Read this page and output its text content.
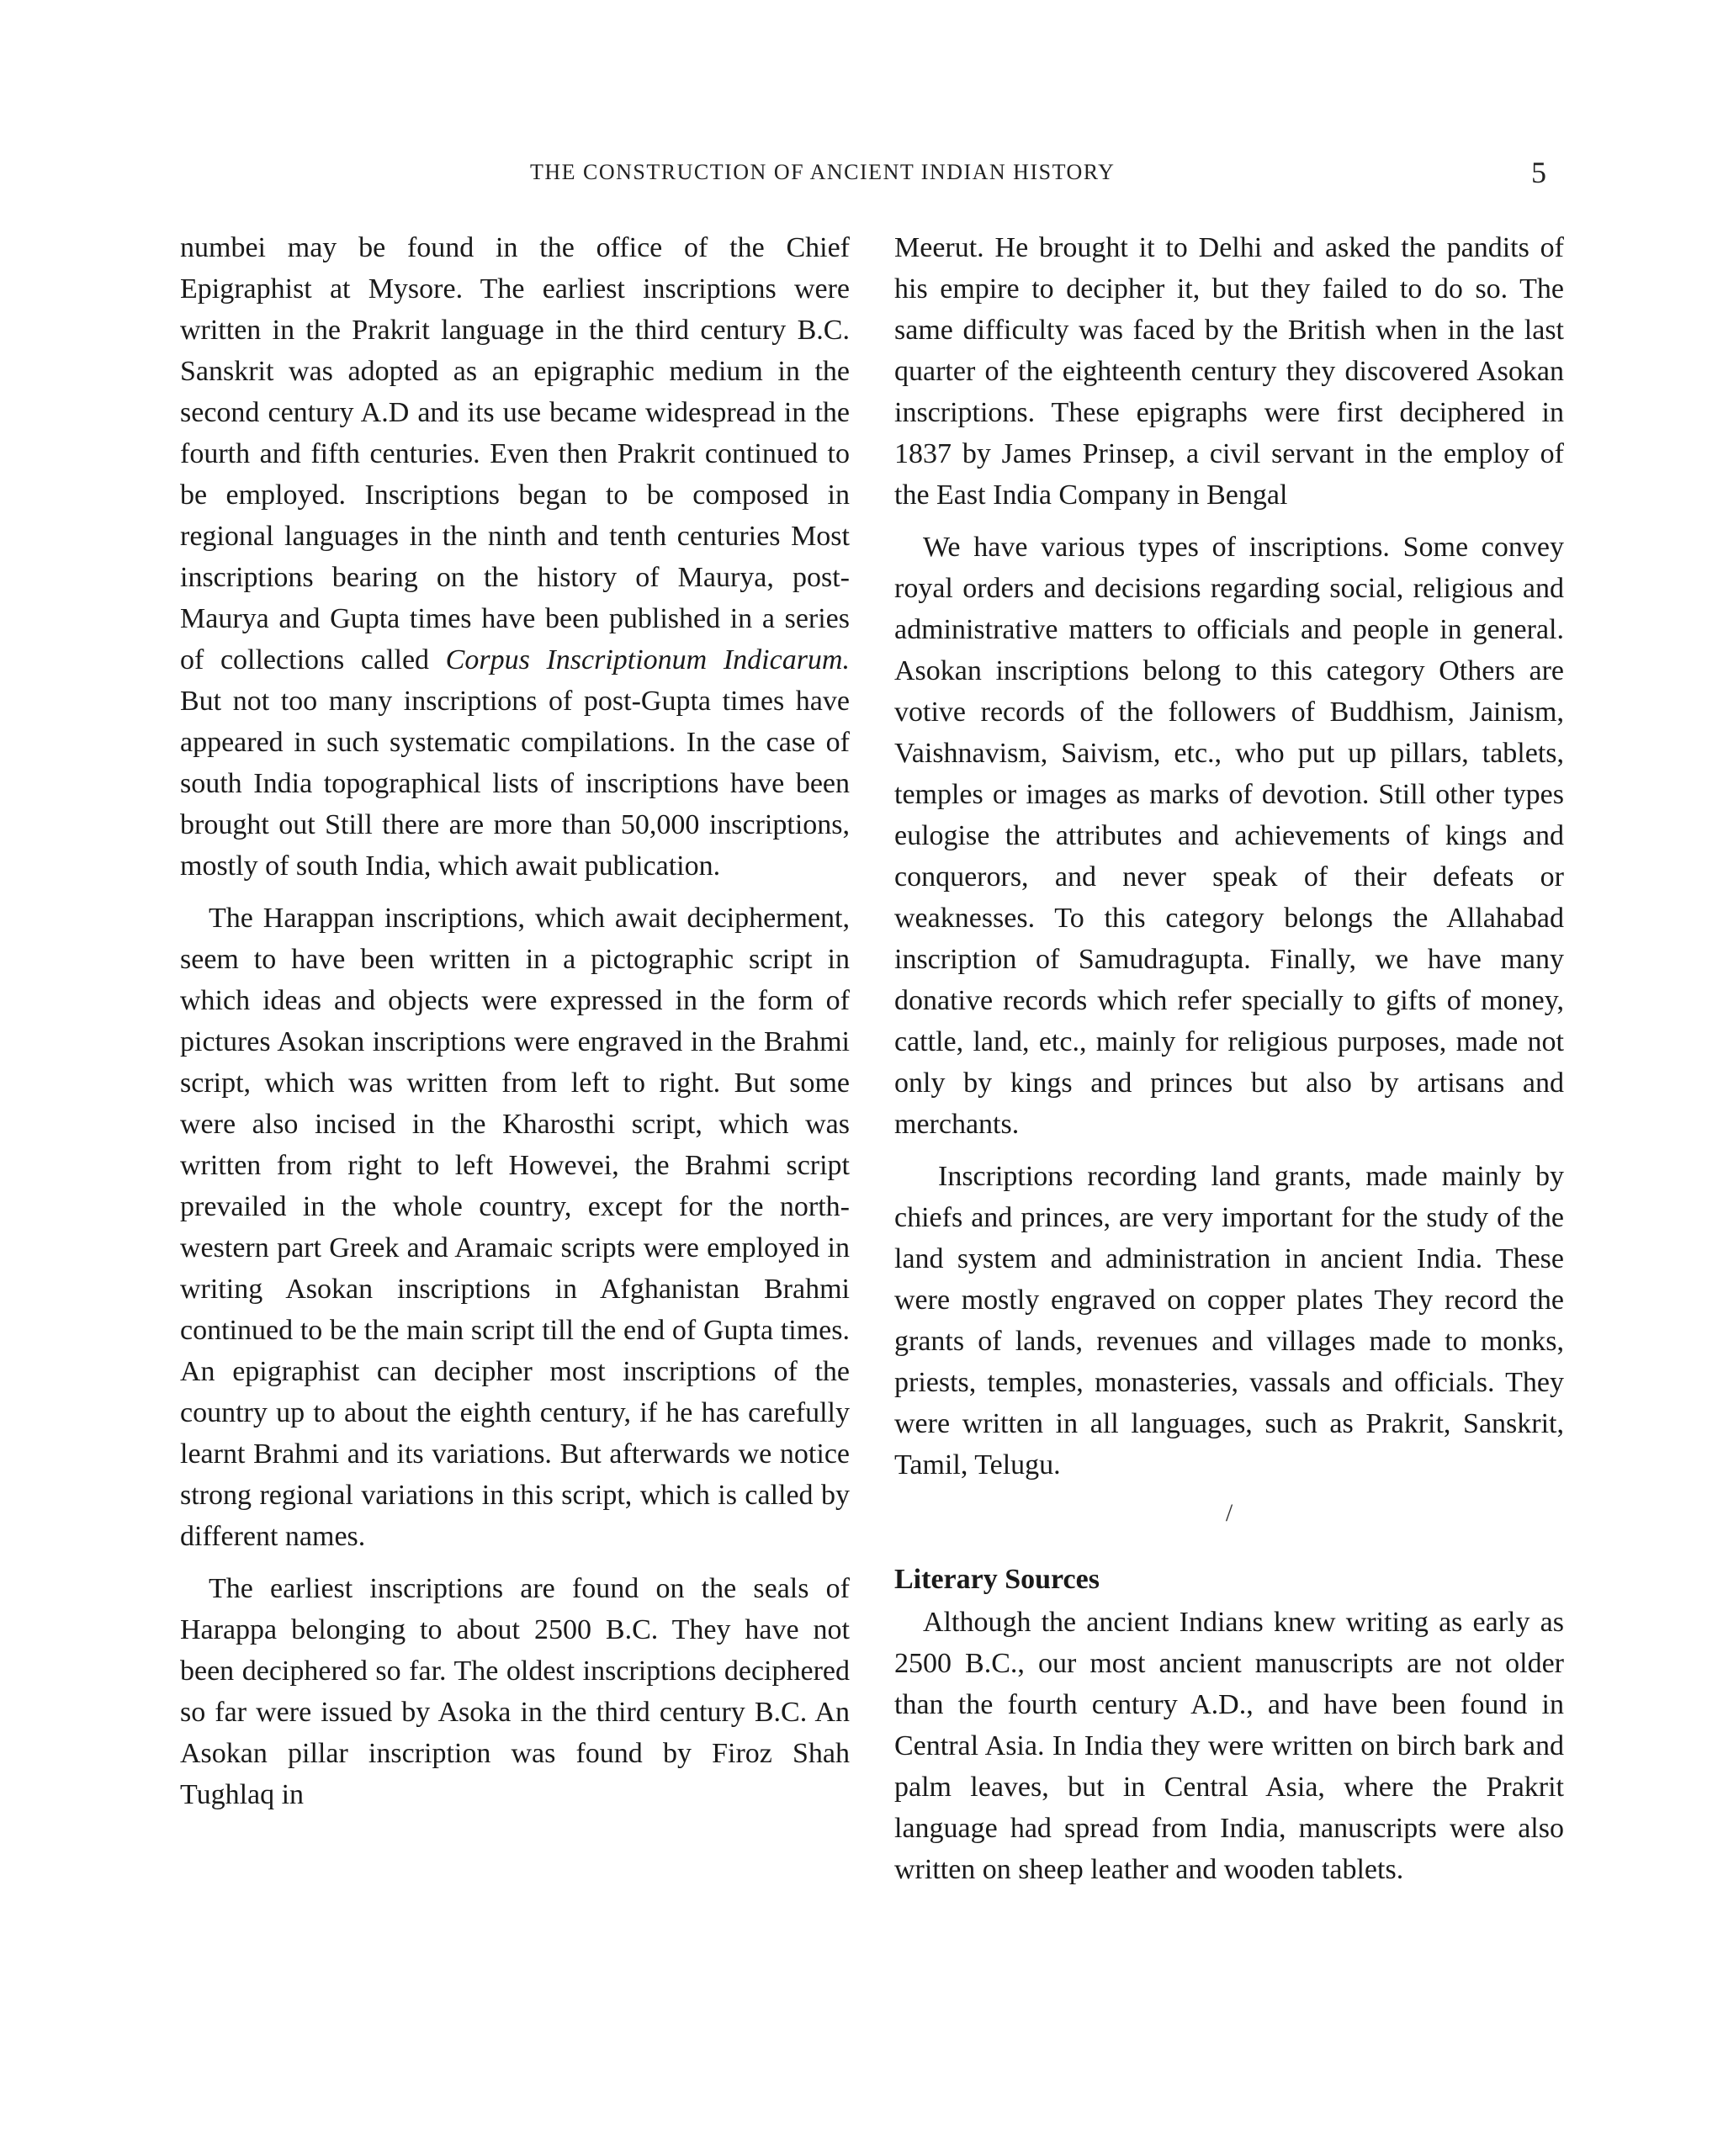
THE CONSTRUCTION OF ANCIENT INDIAN HISTORY	5

numbei may be found in the office of the Chief Epigraphist at Mysore. The earliest inscriptions were written in the Prakrit language in the third century B.C. Sanskrit was adopted as an epigraphic medium in the second century A.D and its use became widespread in the fourth and fifth centuries. Even then Prakrit continued to be employed. Inscriptions began to be composed in regional languages in the ninth and tenth centuries Most inscriptions bearing on the history of Maurya, post-Maurya and Gupta times have been published in a series of collections called Corpus Inscriptionum Indicarum. But not too many inscriptions of post-Gupta times have appeared in such systematic compilations. In the case of south India topographical lists of inscriptions have been brought out Still there are more than 50,000 inscriptions, mostly of south India, which await publication.

The Harappan inscriptions, which await decipherment, seem to have been written in a pictographic script in which ideas and objects were expressed in the form of pictures Asokan inscriptions were engraved in the Brahmi script, which was written from left to right. But some were also incised in the Kharosthi script, which was written from right to left Howevei, the Brahmi script prevailed in the whole country, except for the north-western part Greek and Aramaic scripts were employed in writing Asokan inscriptions in Afghanistan Brahmi continued to be the main script till the end of Gupta times. An epigraphist can decipher most inscriptions of the country up to about the eighth century, if he has carefully learnt Brahmi and its variations. But afterwards we notice strong regional variations in this script, which is called by different names.

The earliest inscriptions are found on the seals of Harappa belonging to about 2500 B.C. They have not been deciphered so far. The oldest inscriptions deciphered so far were issued by Asoka in the third century B.C. An Asokan pillar inscription was found by Firoz Shah Tughlaq in

Meerut. He brought it to Delhi and asked the pandits of his empire to decipher it, but they failed to do so. The same difficulty was faced by the British when in the last quarter of the eighteenth century they discovered Asokan inscriptions. These epigraphs were first deciphered in 1837 by James Prinsep, a civil servant in the employ of the East India Company in Bengal

We have various types of inscriptions. Some convey royal orders and decisions regarding social, religious and administrative matters to officials and people in general. Asokan inscriptions belong to this category Others are votive records of the followers of Buddhism, Jainism, Vaishnavism, Saivism, etc., who put up pillars, tablets, temples or images as marks of devotion. Still other types eulogise the attributes and achievements of kings and conquerors, and never speak of their defeats or weaknesses. To this category belongs the Allahabad inscription of Samudragupta. Finally, we have many donative records which refer specially to gifts of money, cattle, land, etc., mainly for religious purposes, made not only by kings and princes but also by artisans and merchants.

Inscriptions recording land grants, made mainly by chiefs and princes, are very important for the study of the land system and administration in ancient India. These were mostly engraved on copper plates They record the grants of lands, revenues and villages made to monks, priests, temples, monasteries, vassals and officials. They were written in all languages, such as Prakrit, Sanskrit, Tamil, Telugu.

/
Literary Sources

Although the ancient Indians knew writing as early as 2500 B.C., our most ancient manuscripts are not older than the fourth century A.D., and have been found in Central Asia. In India they were written on birch bark and palm leaves, but in Central Asia, where the Prakrit language had spread from India, manuscripts were also written on sheep leather and wooden tablets.
